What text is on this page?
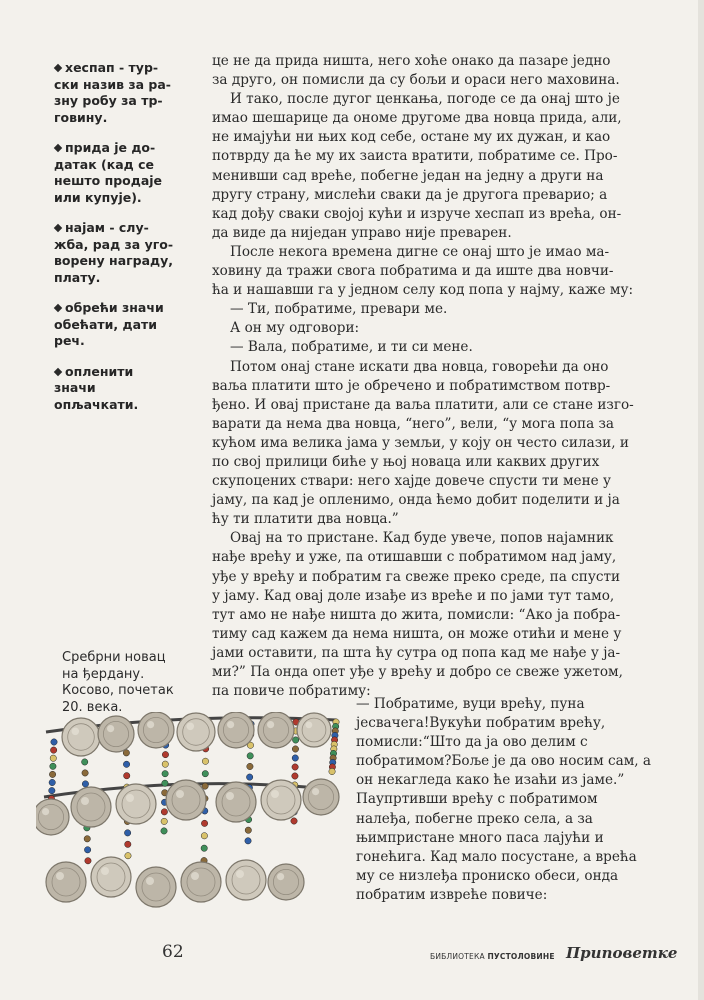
хеспап - тур-
ски назив за ра-
зну робу за тр-
говину.
прида је до-
датак (кад се
нешто продаје
или купује).
најам - слу-
жба, рад за уго-
ворену награду,
плату.
обрећи значи
обећати, дати
реч.
опленити
значи
опљачкати.
Сребрни новац
на ђердану.
Косово, почетак
20. века.
це не да прида ништа, него хоће онако да пазаре једно
за друго, он помисли да су бољи и ораси него маховина.
И тако, после дугог ценкања, погоде се да онај што је
имао шешарице да ономе другоме два новца прида, али,
не имајући ни њих код себе, остане му их дужан, и као
потврду да ће му их заиста вратити, побратиме се. Про-
менивши сад вреће, побегне један на једну а други на
другу страну, мислећи сваки да је другога преварио; а
кад дођу сваки својој кући и изруче хеспап из врећа, он-
да виде да ниједан управо није преварен.
После некога времена дигне се онај што је имао ма-
ховину да тражи свога побратима и да иште два новчи-
ћа и нашавши га у једном селу код попа у најму, каже му:
— Ти, побратиме, превари ме.
А он му одговори:
— Вала, побратиме, и ти си мене.
Потом онај стане искати два новца, говорећи да оно
ваља платити што је обречено и побратимством потвр-
ђено. И овај пристане да ваља платити, али се стане изго-
варати да нема два новца, “него”, вели, “у мога попа за
кућом има велика јама у земљи, у коју он често силази, и
по свој прилици биће у њој новаца или каквих других
скупоцених ствари: него хајде довече спусти ти мене у
јаму, па кад је опленимо, онда ћемо добит поделити и ја
ћу ти платити два новца.”
Овај на то пристане. Кад буде увече, попов најамник
нађе врећу и уже, па отишавши с побратимом над јаму,
уђе у врећу и побратим га свеже преко среде, па спусти
у јаму. Кад овај доле изађе из вреће и по јами тут тамо,
тут амо не нађе ништа до жита, помисли: “Ако ја побра-
тиму сад кажем да нема ништа, он може отићи и мене у
јами оставити, па шта ћу сутра од попа кад ме нађе у ја-
ми?” Па онда опет уђе у врећу и добро се свеже ужетом,
па повиче побратиму:
— Побратиме, вуци врећу, пуна јесвачега!Вукући побратим врећу, помисли:“Што да ја ово делим с побратимом?Боље је да ово носим сам, а он некагледа како ће изаћи из јаме.” Паупртивши врећу с побратимом налеђа, побегне преко села, а за њимпристане много паса лајући и гонећига. Кад мало посустане, а врећа му се низлеђа прониско обеси, онда побратим извреће повиче:
62	БИБЛИОТЕКА ПУСТОЛОВИНЕ Приповетке
